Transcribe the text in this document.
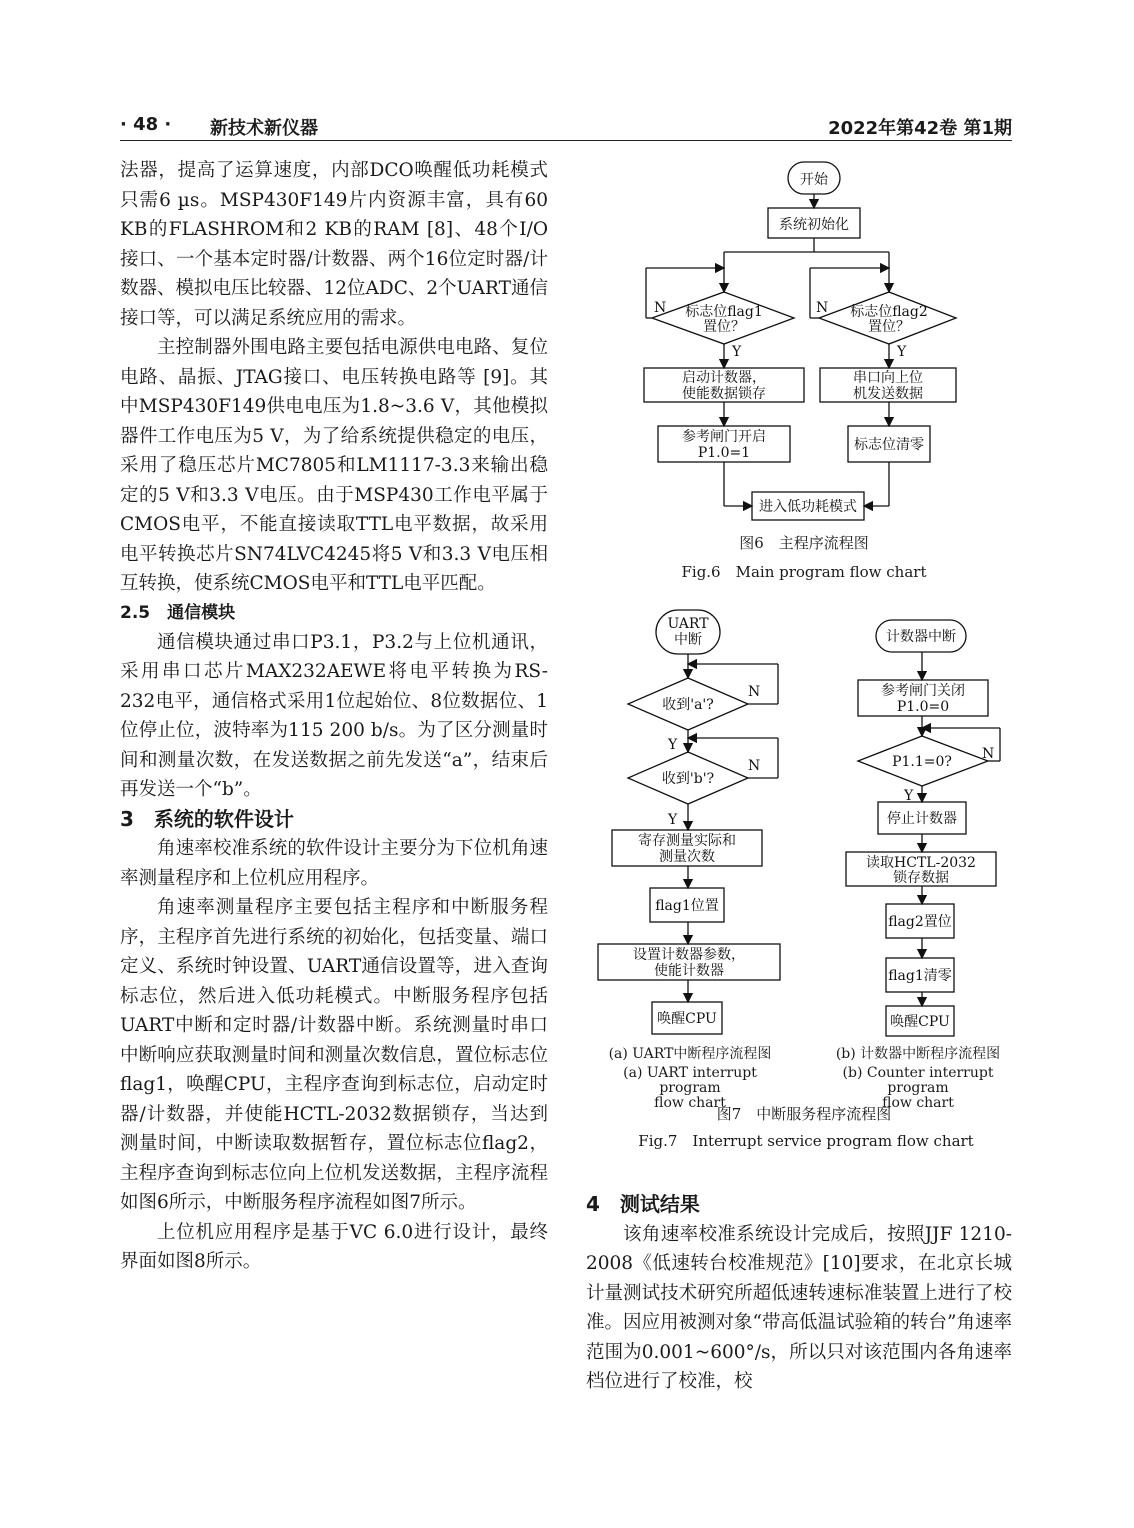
· 48 · 新技术新仪器	2022年第42卷 第1期

法器，提高了运算速度，内部DCO唤醒低功耗模式只需6 µs。MSP430F149片内资源丰富，具有60 KB的FLASHROM和2 KB的RAM [8]、48个I/O接口、一个基本定时器/计数器、两个16位定时器/计数器、模拟电压比较器、12位ADC、2个UART通信接口等，可以满足系统应用的需求。

主控制器外围电路主要包括电源供电电路、复位电路、晶振、JTAG接口、电压转换电路等 [9]。其中MSP430F149供电电压为1.8~3.6 V，其他模拟器件工作电压为5 V，为了给系统提供稳定的电压，采用了稳压芯片MC7805和LM1117-3.3来输出稳定的5 V和3.3 V电压。由于MSP430工作电平属于CMOS电平，不能直接读取TTL电平数据，故采用电平转换芯片SN74LVC4245将5 V和3.3 V电压相互转换，使系统CMOS电平和TTL电平匹配。

2.5　通信模块

通信模块通过串口P3.1，P3.2与上位机通讯，采用串口芯片MAX232AEWE将电平转换为RS-232电平，通信格式采用1位起始位、8位数据位、1位停止位，波特率为115 200 b/s。为了区分测量时间和测量次数，在发送数据之前先发送“a”，结束后再发送一个“b”。

3　系统的软件设计

角速率校准系统的软件设计主要分为下位机角速率测量程序和上位机应用程序。

角速率测量程序主要包括主程序和中断服务程序，主程序首先进行系统的初始化，包括变量、端口定义、系统时钟设置、UART通信设置等，进入查询标志位，然后进入低功耗模式。中断服务程序包括UART中断和定时器/计数器中断。系统测量时串口中断响应获取测量时间和测量次数信息，置位标志位flag1，唤醒CPU，主程序查询到标志位，启动定时器/计数器，并使能HCTL-2032数据锁存，当达到测量时间，中断读取数据暂存，置位标志位flag2，主程序查询到标志位向上位机发送数据，主程序流程如图6所示，中断服务程序流程如图7所示。

上位机应用程序是基于VC 6.0进行设计，最终界面如图8所示。

开始
系统初始化
标志位flag1
置位？
标志位flag2
置位？
N	N
Y	Y
启动计数器，
使能数据锁存
串口向上位
机发送数据
参考闸门开启
P1.0=1	标志位清零
进入低功耗模式
图6　主程序流程图
Fig.6　Main program flow chart
UART
中断
收到'a'?
收到'b'?
N
N
Y
Y
寄存测量实际和
测量次数
flag1位置
设置计数器参数，
使能计数器
唤醒CPU
计数器中断
参考闸门关闭
P1.0=0
P1.1=0? N
Y
停止计数器
读取HCTL-2032
锁存数据
flag2置位
flag1清零
唤醒CPU
(a) UART中断程序流程图
(a) UART interrupt program
flow chart
(b) 计数器中断程序流程图
(b) Counter interrupt program
flow chart
图7　中断服务程序流程图
Fig.7　Interrupt service program flow chart

4　测试结果

该角速率校准系统设计完成后，按照JJF 1210-2008《低速转台校准规范》[10]要求，在北京长城计量测试技术研究所超低速转速标准装置上进行了校准。因应用被测对象“带高低温试验箱的转台”角速率范围为0.001~600°/s，所以只对该范围内各角速率档位进行了校准，校
